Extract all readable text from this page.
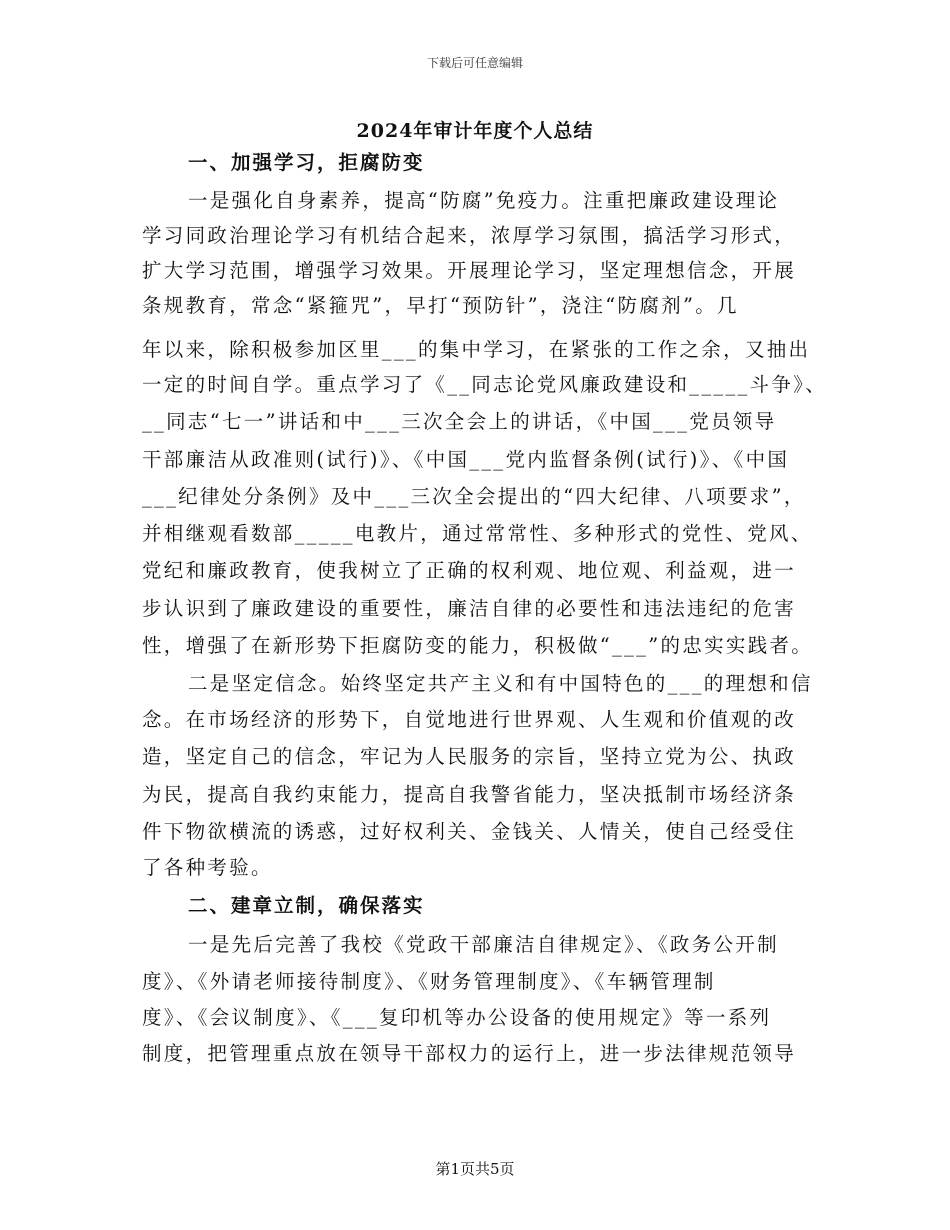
下载后可任意编辑
2024年审计年度个人总结
一、加强学习，拒腐防变
一是强化自身素养，提高“防腐”免疫力。注重把廉政建设理论
学习同政治理论学习有机结合起来，浓厚学习氛围，搞活学习形式，
扩大学习范围，增强学习效果。开展理论学习，坚定理想信念，开展
条规教育，常念“紧箍咒”，早打“预防针”，浇注“防腐剂”。几
年以来，除积极参加区里___的集中学习，在紧张的工作之余，又抽出
一定的时间自学。重点学习了《__同志论党风廉政建设和_____斗争》、
__同志“七一”讲话和中___三次全会上的讲话，《中国___党员领导
干部廉洁从政准则(试行)》、《中国___党内监督条例(试行)》、《中国
___纪律处分条例》及中___三次全会提出的“四大纪律、八项要求”，
并相继观看数部_____电教片，通过常常性、多种形式的党性、党风、
党纪和廉政教育，使我树立了正确的权利观、地位观、利益观，进一
步认识到了廉政建设的重要性，廉洁自律的必要性和违法违纪的危害
性，增强了在新形势下拒腐防变的能力，积极做“___”的忠实实践者。
二是坚定信念。始终坚定共产主义和有中国特色的___的理想和信
念。在市场经济的形势下，自觉地进行世界观、人生观和价值观的改
造，坚定自己的信念，牢记为人民服务的宗旨，坚持立党为公、执政
为民，提高自我约束能力，提高自我警省能力，坚决抵制市场经济条
件下物欲横流的诱惑，过好权利关、金钱关、人情关，使自己经受住
了各种考验。
二、建章立制，确保落实
一是先后完善了我校《党政干部廉洁自律规定》、《政务公开制
度》、《外请老师接待制度》、《财务管理制度》、《车辆管理制
度》、《会议制度》、《___复印机等办公设备的使用规定》等一系列
制度，把管理重点放在领导干部权力的运行上，进一步法律规范领导
第1页共5页
